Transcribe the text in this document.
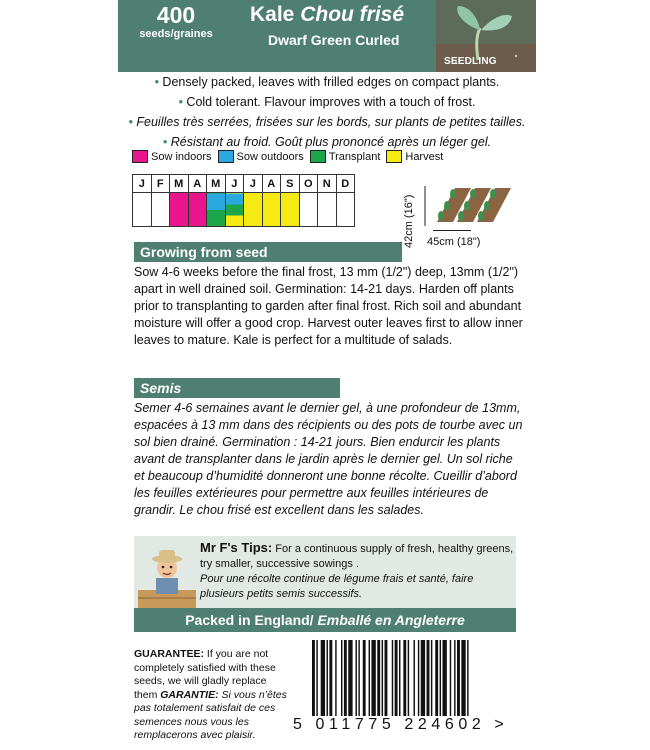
400
seeds/graines
Kale Chou frisé
Dwarf Green Curled
SEEDLING
• Densely packed, leaves with frilled edges on compact plants.
• Cold tolerant. Flavour improves with a touch of frost.
• Feuilles très serrées, frisées sur les bords, sur plants de petites tailles.
• Résistant au froid. Goût plus prononcé après un léger gel.
Sow indoors Sow outdoors Transplant Harvest
J	F	M	A	M	J	J	A	S	O	N	D

42cm (16") 45cm (18")
Growing from seed

Sow 4-6 weeks before the final frost, 13 mm (1/2") deep, 13mm (1/2") apart in well drained soil. Germination: 14-21 days. Harden off plants prior to transplanting to garden after final frost. Rich soil and abundant moisture will offer a good crop. Harvest outer leaves first to allow inner leaves to mature. Kale is perfect for a multitude of salads.

Semis

Semer 4-6 semaines avant le dernier gel, à une profondeur de 13mm, espacées à 13 mm dans des récipients ou des pots de tourbe avec un sol bien drainé. Germination : 14-21 jours. Bien endurcir les plants avant de transplanter dans le jardin après le dernier gel. Un sol riche et beaucoup d’humidité donneront une bonne récolte. Cueillir d’abord les feuilles extérieures pour permettre aux feuilles intérieures de grandir. Le chou frisé est excellent dans les salades.

Mr F's Tips: For a continuous supply of fresh, healthy greens, try smaller, successive sowings .
Pour une récolte continue de légume frais et santé, faire plusieurs petits semis successifs.
Packed in England/ Emballé en Angleterre
GUARANTEE: If you are not completely satisfied with these seeds, we will gladly replace them GARANTIE: Si vous n’êtes pas totalement satisfait de ces semences nous vous les remplacerons avec plaisir.
5 011775 224602 >
